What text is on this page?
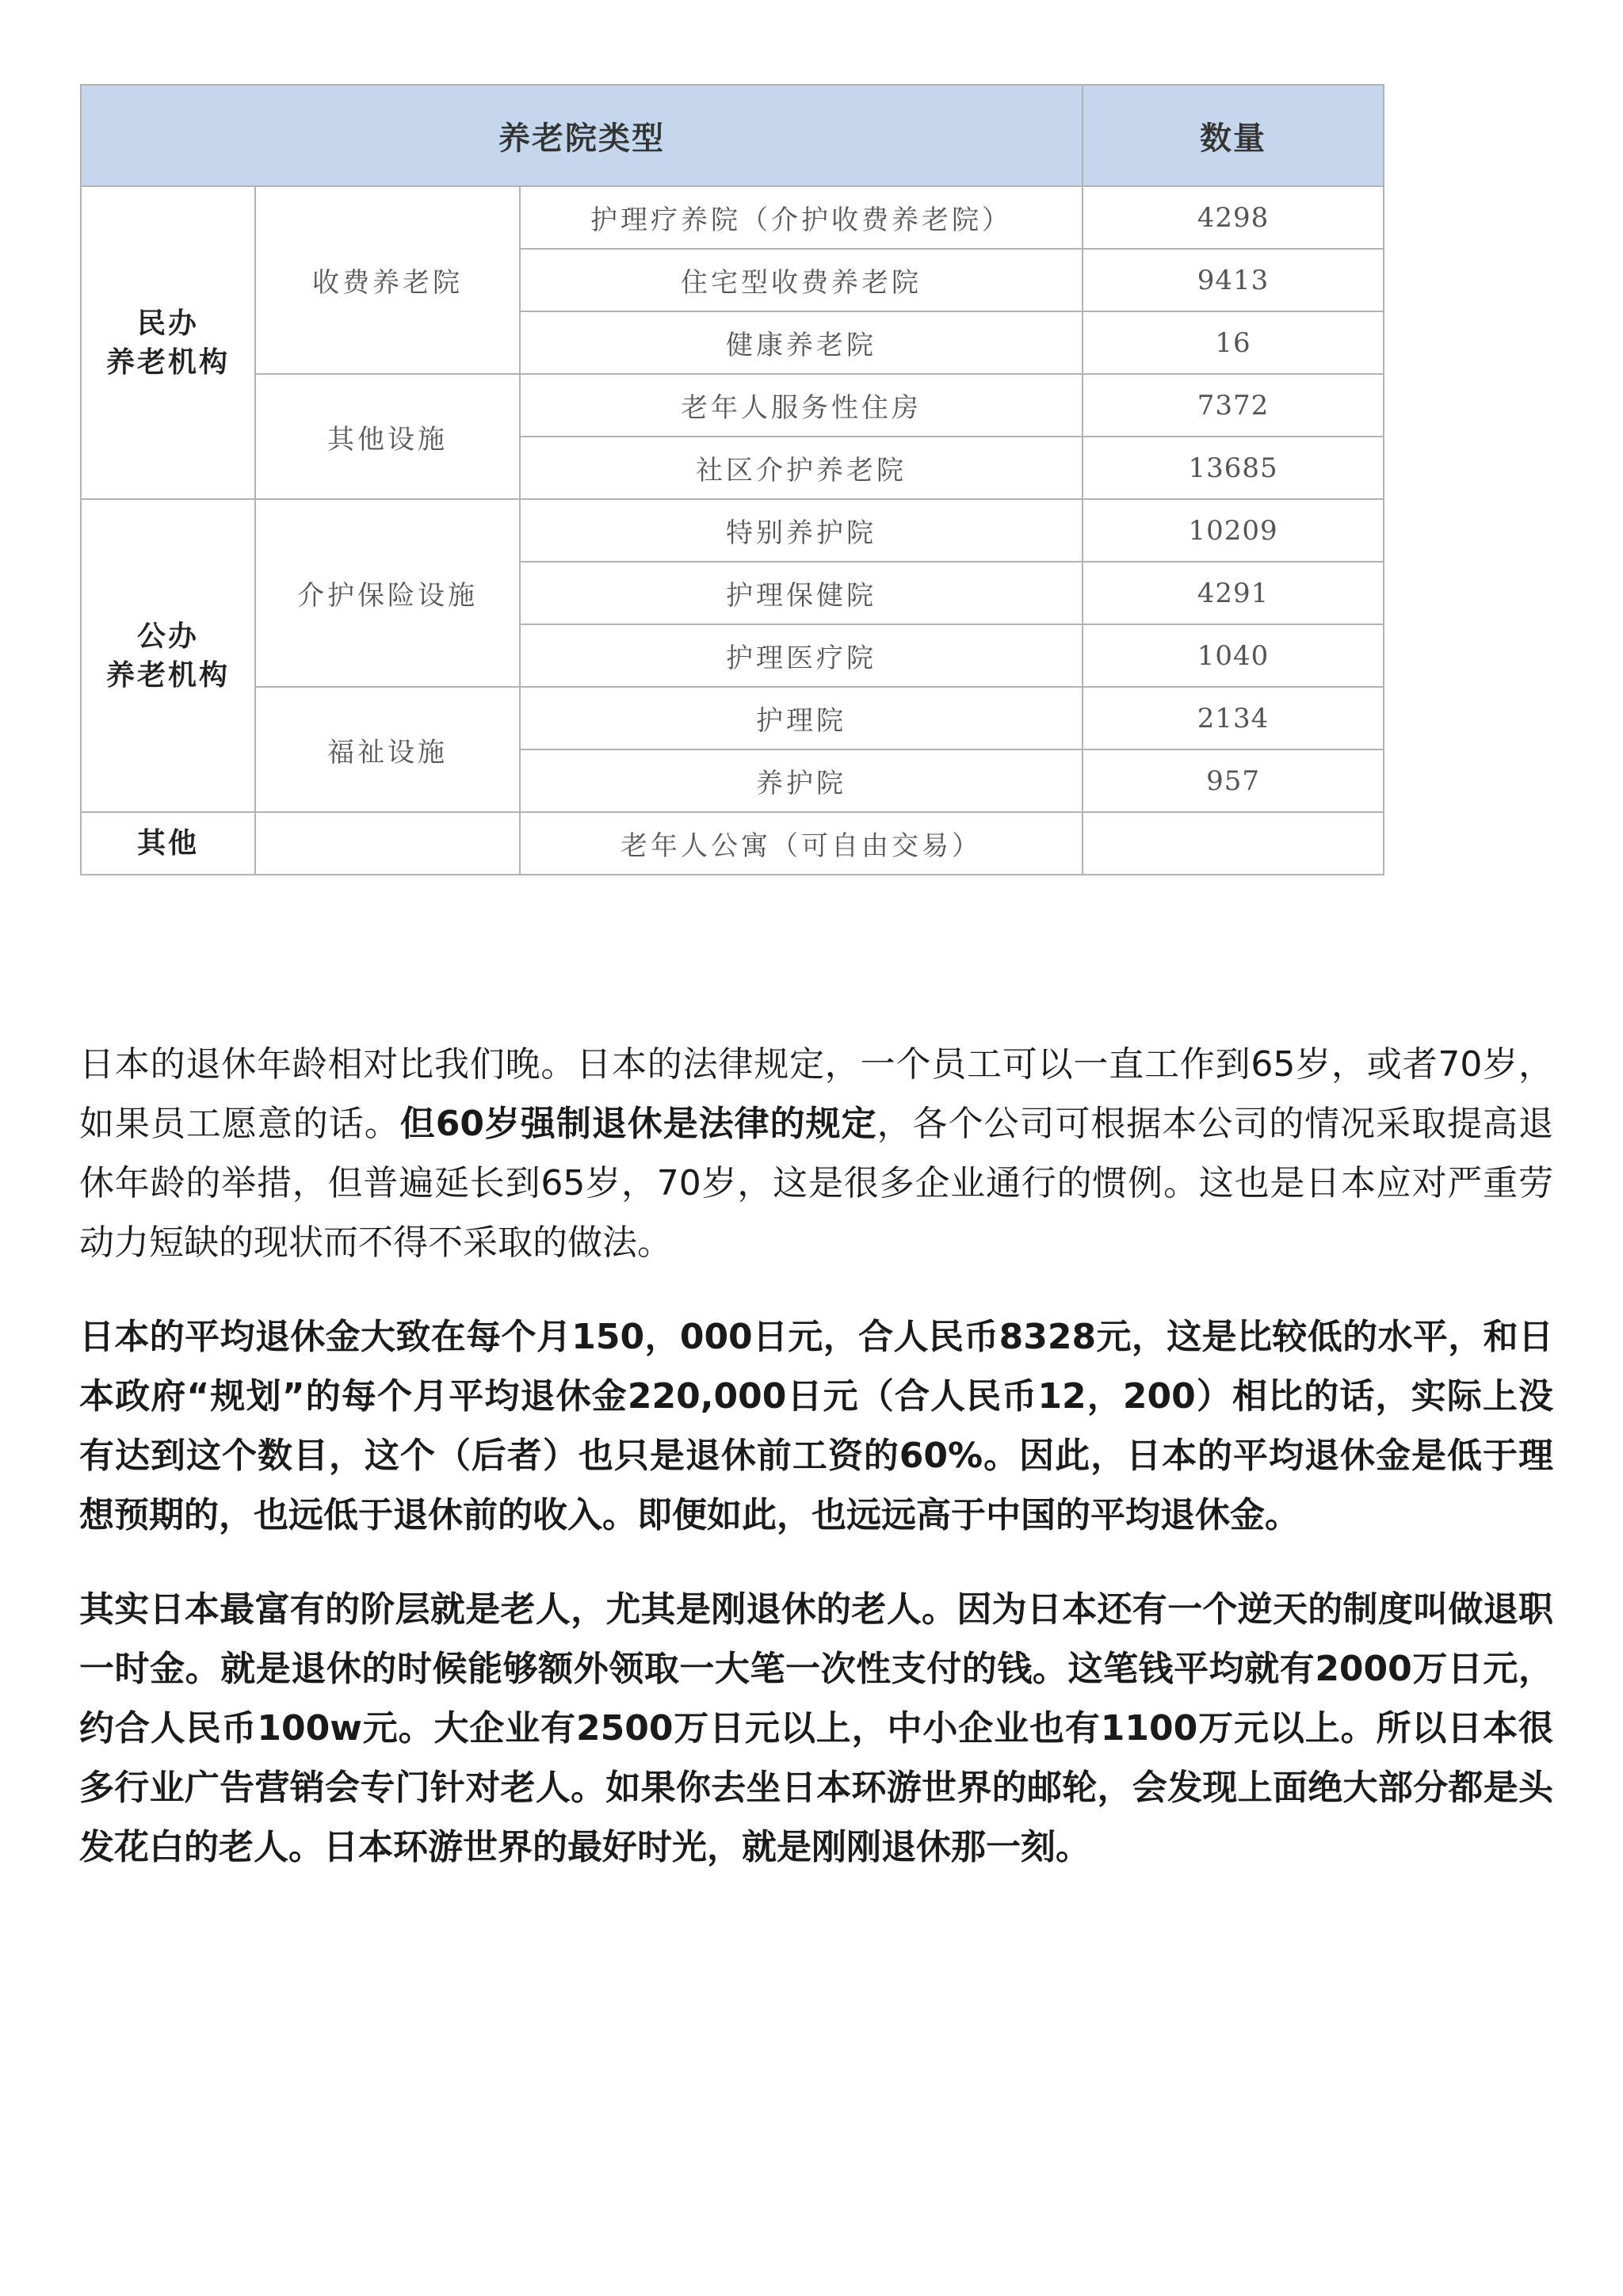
养老院类型			数量
民办
养老机构	收费养老院	护理疗养院（介护收费养老院）	4298
		住宅型收费养老院	9413
		健康养老院	16
	其他设施	老年人服务性住房	7372
		社区介护养老院	13685
公办
养老机构	介护保险设施	特别养护院	10209
		护理保健院	4291
		护理医疗院	1040
	福祉设施	护理院	2134
		养护院	957
其他		老年人公寓（可自由交易）	

日本的退休年龄相对比我们晚。日本的法律规定，一个员工可以一直工作到65岁，或者70岁，如果员工愿意的话。但60岁强制退休是法律的规定，各个公司可根据本公司的情况采取提高退休年龄的举措，但普遍延长到65岁，70岁，这是很多企业通行的惯例。这也是日本应对严重劳动力短缺的现状而不得不采取的做法。

日本的平均退休金大致在每个月150，000日元，合人民币8328元，这是比较低的水平，和日本政府“规划”的每个月平均退休金220,000日元（合人民币12，200）相比的话，实际上没有达到这个数目，这个（后者）也只是退休前工资的60%。因此，日本的平均退休金是低于理想预期的，也远低于退休前的收入。即便如此，也远远高于中国的平均退休金。

其实日本最富有的阶层就是老人，尤其是刚退休的老人。因为日本还有一个逆天的制度叫做退职一时金。就是退休的时候能够额外领取一大笔一次性支付的钱。这笔钱平均就有2000万日元，约合人民币100w元。大企业有2500万日元以上，中小企业也有1100万元以上。所以日本很多行业广告营销会专门针对老人。如果你去坐日本环游世界的邮轮，会发现上面绝大部分都是头发花白的老人。日本环游世界的最好时光，就是刚刚退休那一刻。
